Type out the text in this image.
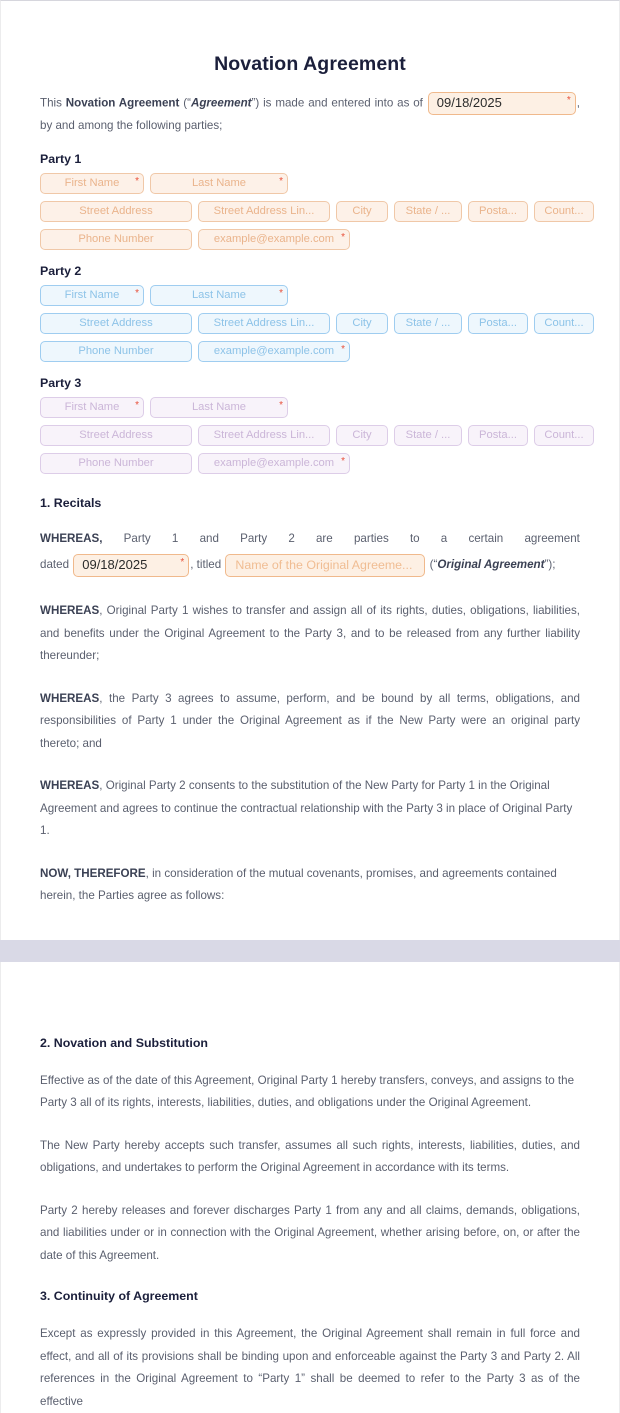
Novation Agreement

This Novation Agreement (“Agreement”) is made and entered into as of 09/18/2025	* , by and among the following parties;

Party 1
First Name	*	Last Name	*
Street Address	Street Address Lin...	City	State / ...	Posta...	Count...
Phone Number	example@example.com *
Party 2
First Name	*	Last Name	*
Street Address	Street Address Lin...	City	State / ...	Posta...	Count...
Phone Number	example@example.com *
Party 3
First Name	*	Last Name	*
Street Address	Street Address Lin...	City	State / ...	Posta...	Count...
Phone Number	example@example.com *
1. Recitals
WHEREAS, Party 1 and Party 2 are parties to a certain agreement
dated 09/18/2025	* , titled Name of the Original Agreeme...	(“Original Agreement”);

WHEREAS, Original Party 1 wishes to transfer and assign all of its rights, duties, obligations, liabilities, and benefits under the Original Agreement to the Party 3, and to be released from any further liability thereunder;

WHEREAS, the Party 3 agrees to assume, perform, and be bound by all terms, obligations, and responsibilities of Party 1 under the Original Agreement as if the New Party were an original party thereto; and

WHEREAS, Original Party 2 consents to the substitution of the New Party for Party 1 in the Original Agreement and agrees to continue the contractual relationship with the Party 3 in place of Original Party 1.

NOW, THEREFORE, in consideration of the mutual covenants, promises, and agreements contained herein, the Parties agree as follows:

2. Novation and Substitution

Effective as of the date of this Agreement, Original Party 1 hereby transfers, conveys, and assigns to the Party 3 all of its rights, interests, liabilities, duties, and obligations under the Original Agreement.

The New Party hereby accepts such transfer, assumes all such rights, interests, liabilities, duties, and obligations, and undertakes to perform the Original Agreement in accordance with its terms.

Party 2 hereby releases and forever discharges Party 1 from any and all claims, demands, obligations, and liabilities under or in connection with the Original Agreement, whether arising before, on, or after the date of this Agreement.

3. Continuity of Agreement

Except as expressly provided in this Agreement, the Original Agreement shall remain in full force and effect, and all of its provisions shall be binding upon and enforceable against the Party 3 and Party 2. All references in the Original Agreement to “Party 1” shall be deemed to refer to the Party 3 as of the effective
